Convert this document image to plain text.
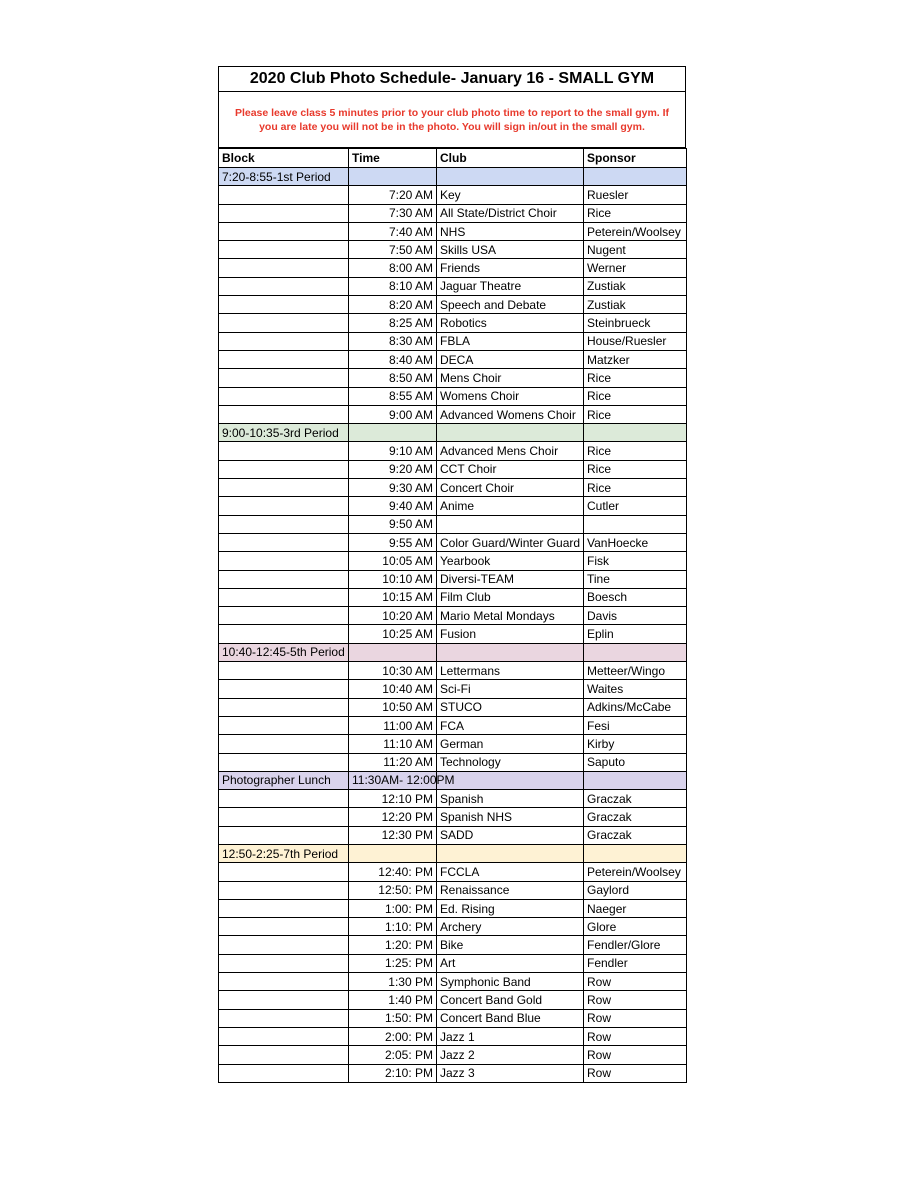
2020 Club Photo Schedule- January 16 - SMALL GYM
Please leave class 5 minutes prior to your club photo time to report to the small gym. If you are late you will not be in the photo. You will sign in/out in the small gym.
Block	Time	Club	Sponsor
7:20-8:55-1st Period			
	7:20 AM	Key	Ruesler
	7:30 AM	All State/District Choir	Rice
	7:40 AM	NHS	Peterein/Woolsey
	7:50 AM	Skills USA	Nugent
	8:00 AM	Friends	Werner
	8:10 AM	Jaguar Theatre	Zustiak
	8:20 AM	Speech and Debate	Zustiak
	8:25 AM	Robotics	Steinbrueck
	8:30 AM	FBLA	House/Ruesler
	8:40 AM	DECA	Matzker
	8:50 AM	Mens Choir	Rice
	8:55 AM	Womens Choir	Rice
	9:00 AM	Advanced Womens Choir	Rice
9:00-10:35-3rd Period			
	9:10 AM	Advanced Mens Choir	Rice
	9:20 AM	CCT Choir	Rice
	9:30 AM	Concert Choir	Rice
	9:40 AM	Anime	Cutler
	9:50 AM		
	9:55 AM	Color Guard/Winter Guard	VanHoecke
	10:05 AM	Yearbook	Fisk
	10:10 AM	Diversi-TEAM	Tine
	10:15 AM	Film Club	Boesch
	10:20 AM	Mario Metal Mondays	Davis
	10:25 AM	Fusion	Eplin
10:40-12:45-5th Period			
	10:30 AM	Lettermans	Metteer/Wingo
	10:40 AM	Sci-Fi	Waites
	10:50 AM	STUCO	Adkins/McCabe
	11:00 AM	FCA	Fesi
	11:10 AM	German	Kirby
	11:20 AM	Technology	Saputo
Photographer Lunch	11:30AM- 12:00PM		
	12:10 PM	Spanish	Graczak
	12:20 PM	Spanish NHS	Graczak
	12:30 PM	SADD	Graczak
12:50-2:25-7th Period			
	12:40: PM	FCCLA	Peterein/Woolsey
	12:50: PM	Renaissance	Gaylord
	1:00: PM	Ed. Rising	Naeger
	1:10: PM	Archery	Glore
	1:20: PM	Bike	Fendler/Glore
	1:25: PM	Art	Fendler
	1:30 PM	Symphonic Band	Row
	1:40 PM	Concert Band Gold	Row
	1:50: PM	Concert Band Blue	Row
	2:00: PM	Jazz 1	Row
	2:05: PM	Jazz 2	Row
	2:10: PM	Jazz 3	Row
